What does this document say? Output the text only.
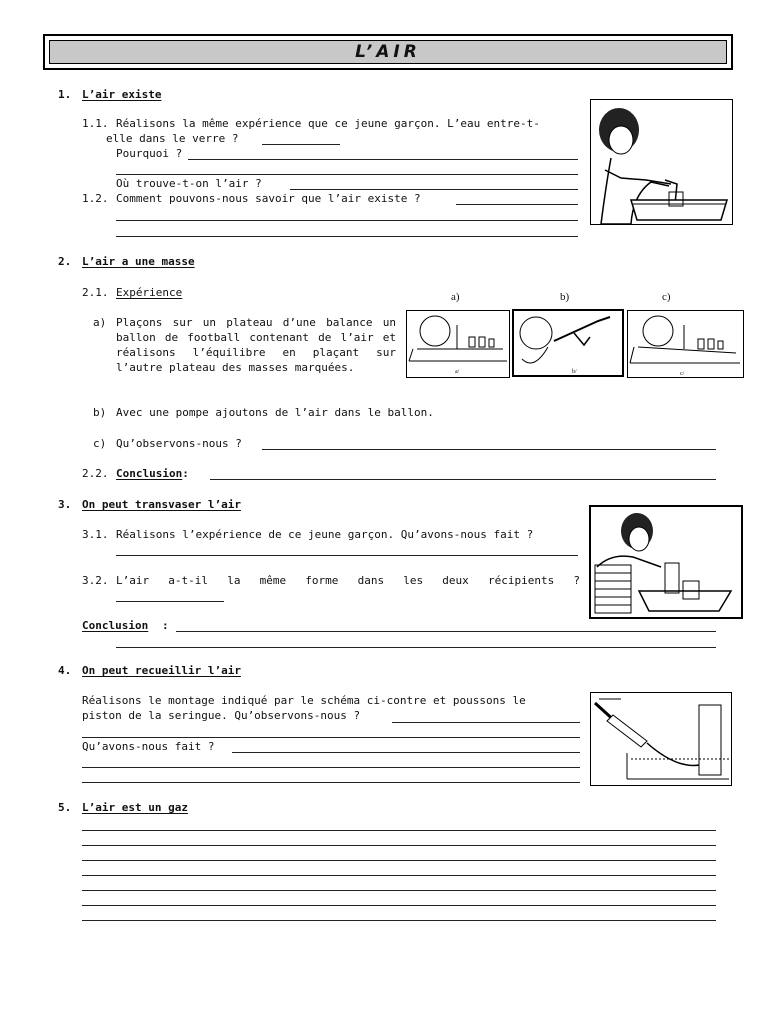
L’AIR
1. L’air existe
1.1. Réalisons la même expérience que ce jeune garçon. L’eau entre-t-
elle dans le verre ?
Pourquoi ?
Où trouve-t-on l’air ?
1.2. Comment pouvons-nous savoir que l’air existe ?
2. L’air a une masse
2.1. Expérience
a) Plaçons sur un plateau d’une balance un ballon de football contenant de l’air et réalisons l’équilibre en plaçant sur l’autre plateau des masses marquées.
a)	b)	c)
a/	b/	c/
b) Avec une pompe ajoutons de l’air dans le ballon.
c) Qu’observons-nous ?
2.2. Conclusion:
3. On peut transvaser l’air
3.1. Réalisons l’expérience de ce jeune garçon. Qu’avons-nous fait ?
3.2. L’air a-t-il la même forme dans les deux récipients ?
Conclusion :
4. On peut recueillir l’air
Réalisons le montage indiqué par le schéma ci-contre et poussons le
piston de la seringue. Qu’observons-nous ?
Qu’avons-nous fait ?
5. L’air est un gaz
